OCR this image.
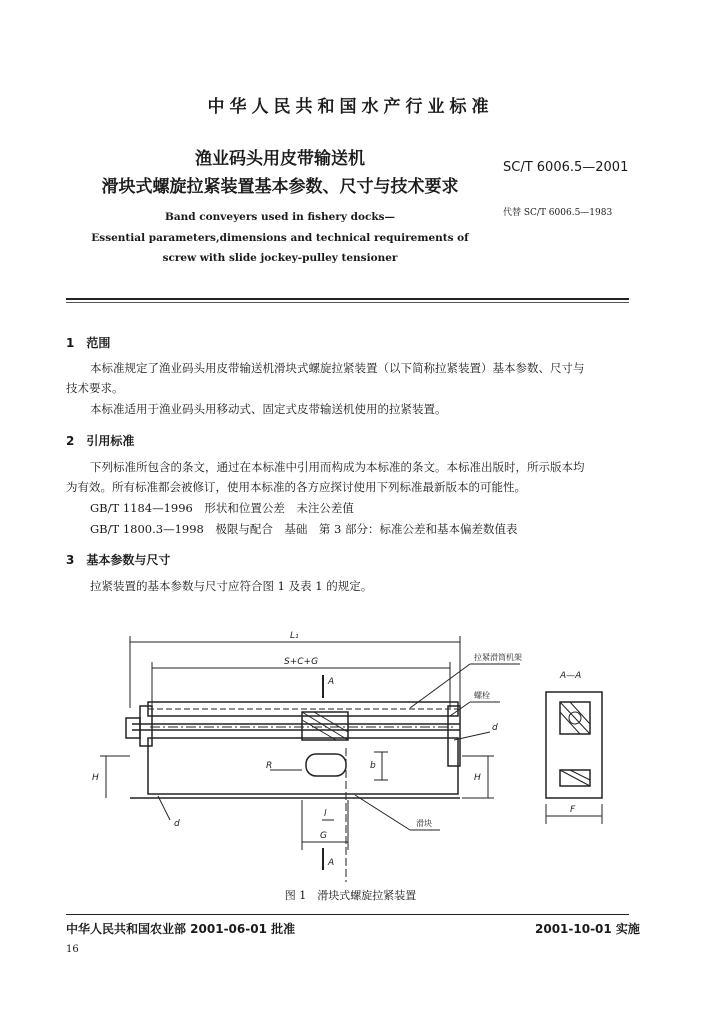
中华人民共和国水产行业标准
渔业码头用皮带输送机
滑块式螺旋拉紧装置基本参数、尺寸与技术要求
SC/T 6006.5—2001
代替 SC/T 6006.5—1983
Band conveyers used in fishery docks—
Essential parameters,dimensions and technical requirements of
screw with slide jockey-pulley tensioner
1　范围
本标准规定了渔业码头用皮带输送机滑块式螺旋拉紧装置（以下简称拉紧装置）基本参数、尺寸与
技术要求。
本标准适用于渔业码头用移动式、固定式皮带输送机使用的拉紧装置。
2　引用标准
下列标准所包含的条文，通过在本标准中引用而构成为本标准的条文。本标准出版时，所示版本均
为有效。所有标准都会被修订，使用本标准的各方应探讨使用下列标准最新版本的可能性。
GB/T 1184—1996　形状和位置公差　未注公差值
GB/T 1800.3—1998　极限与配合　基础　第 3 部分：标准公差和基本偏差数值表
3　基本参数与尺寸
拉紧装置的基本参数与尺寸应符合图 1 及表 1 的规定。
L₁
S+C+G
A
A
A—A
拉紧滑筒机架
螺栓
d
d
H	H
R	b
l
G
滑块
F
图 1　滑块式螺旋拉紧装置
中华人民共和国农业部 2001-06-01 批准	2001-10-01 实施
16
